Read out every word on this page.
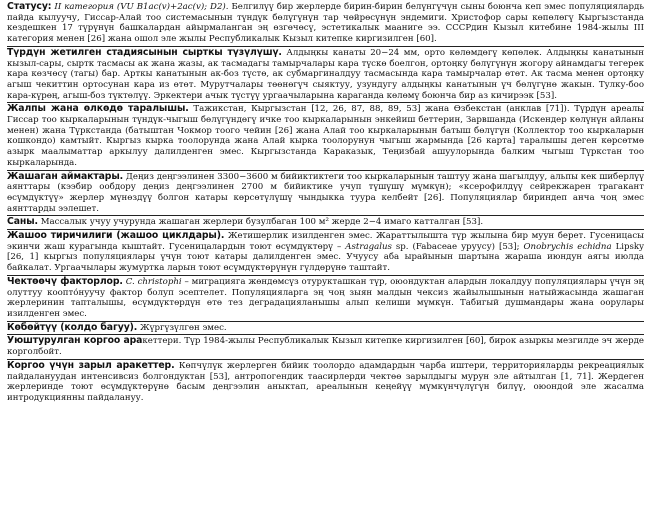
Статусу: II категория (VU B1ac(v)+2ac(v); D2). Белгилүү бир жерлерде бирин-бирин белүнгүчүн сыны боюнча кеп эмес популяциялардь пайда кылуучу, Гиссар-Алай тоо системасынын түндүк бөлүгүнүн тар чөйрөсүнүн эндемиги. Христофор сары көпөлөгү Кыргызстанда кездешкен 17 түрүнүн башкалардан айырмаланган эң өзгөчөсү, эстетикалык мааниге ээ. СССРдин Кызыл китебине 1984-жылы III категория менен [26] жана ошол эле жылы Республикалык Кызыл китепке киргизилген [60].
Түрдүн жетилген стадиясынын сырткы түзүлүшү. Алдыңкы канаты 20−24 мм, орто көлөмдөгү көпөлөк. Алдыңкы канатынын кызыл-сары, сыртк тасмасы ак жана жазы, ак тасмадагы тамырчалары кара түскө боелгон, ортоңку бөлүгүнүн жогору айнамдагы тегерек кара көзчөсү (тагы) бар. Арткы канатынын ак-боз түстө, ак субмаргиналдуу тасмасында кара тамырчалар өтөт. Ак тасма менен ортоңку агыш чекиттин ортосунан кара из өтөт. Мурутчалары төөнөгүч сыяктуу, узундугу алдыңкы канатынын үч бөлүгүнө жакын. Тулку-боо кара-күрөң, агыш-боз түктөлүү. Эркектери ачык түстүү ургаачыларына караганда көлөмү боюнча бир аз кичирээк [53].
Жалпы жана өлкөдө таралышы. Тажикстан, Кыргызстан [12, 26, 87, 88, 89, 53] жана Өзбекстан (анклав [71]). Түрдүн ареалы Гиссар тоо кыркаларынын түндүк-чыгыш бөлүгүндөгү ичке тоо кыркаларынын энкейиш беттерин, Зарвшанда (Искендер көлүнүн айланы менен) жана Түркстанда (батыштан Чокмор тоого чейин [26] жана Алай тоо кыркаларынын батыш бөлүгүн (Коллектор тоо кыркаларын кошкондо) камтыйт. Кыргыз кырка тоолорунда жана Алай кырка тоолорунун чыгыш жармында [26 карта] таралышы деген көрсөтмө азырк маалыматтар аркылуу далилденген эмес. Кыргызстанда Караказык, Теңизбай ашуулорында балким чыгыш Түркстан тоо кыркаларында.
Жашаган аймактары. Деңиз деңгээлинен 3300−3600 м бийиктиктеги тоо кыркаларынын таштуу жана шагылдуу, альпы кек шиберлүү аянттары (кээбир ообдору деңиз деңгээлинен 2700 м бийиктике учуп түшүшү мүмкүн); «ксерофилдүү сейрекжарен трагакант өсүмдүктүү» жерлер мүнөздүү болгон катары көрсөтүлүшү чындыкка туура келбейт [26]. Популяциялар бириндеп анча чоң эмес аянттарды ээлешет.
Саны. Массалык учуу учурунда жашаган жерлери бузулбаган 100 м² жерде 2−4 имаго катталган [53].
Жашоо тиричилиги (жашоо циклдары). Жетишерлик изилденген эмес. Жараттылышта түр жылына бир муун берет. Гусеницасы экинчи жаш курагында кыштайт. Гусеницалардын тоют өсүмдүктөрү – Astragalus sp. (Fabaceae уруусу) [53]; Onobrychis echidna Lipsky [26, 1] кыргыз популяциялары үчүн тоют катары далилденген эмес. Учуусу аба ырайынын шартына жараша июндун аягы июлда байкалат. Ургаачылары жумуртка ларын тоют өсүмдүктөрүнүн гүлдөрүнө таштайт.
Чектөөчү факторлор. C. christophi – миграцияга жөндөмсүз отурукташкан түр, оюондуктан алардын локалдуу популяциялары үчүн эң олуттуу коопто́нуучу фактор болуп эсептелет. Популяцияларга эң чоң зыян малдын чексиз жайылышынын натыйжасында жашаган жерлеринин тапталышы, өсүмдүктөрдүн өтө тез деградацияланышы алып келиши мүмкүн. Табигый душмандары жана оорулары изилденген эмес.
Көбөйтүү (колдо багуу). Жүргүзүлгөн эмес.
Уюштурулган коргоо аракеттери. Түр 1984-жылы Республикалык Кызыл китепке киргизилген [60], бирок азыркы мезгилде эч жерде корголбойт.
Коргоо үчүн зарыл аракеттер. Көпчүлүк жерлерген бийик тоолордо адамдардын чарба иштери, территорияларды рекреациялык пайдалануудан интенсивсиз болгондуктан [53], антропогендик таасирлерди чектөө зарылдыгы мурун эле айтылган [1, 71]. Жердеген жерлеринде тоют өсүмдүктөрүнө басым деңгээлин аныктап, ареалынын кеңейүү мүмкүнчүлүгүн билүү, оюондой эле жасалма интродукциянны пайдалануу.
